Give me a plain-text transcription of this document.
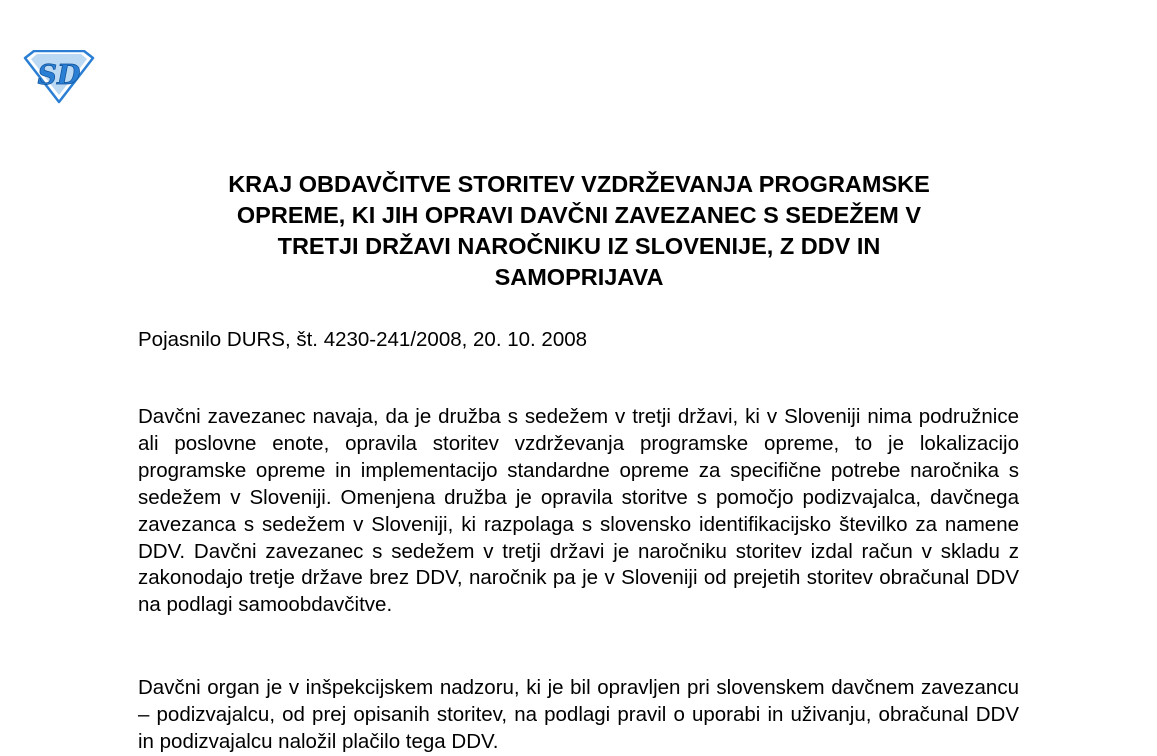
SD
KRAJ OBDAVČITVE STORITEV VZDRŽEVANJA PROGRAMSKE
OPREME, KI JIH OPRAVI DAVČNI ZAVEZANEC S SEDEŽEM V
TRETJI DRŽAVI NAROČNIKU IZ SLOVENIJE, Z DDV IN
SAMOPRIJAVA

Pojasnilo DURS, št. 4230-241/2008, 20. 10. 2008

Davčni zavezanec navaja, da je družba s sedežem v tretji državi, ki v Sloveniji nima podružnice ali poslovne enote, opravila storitev vzdrževanja programske opreme, to je lokalizacijo programske opreme in implementacijo standardne opreme za specifične potrebe naročnika s sedežem v Sloveniji. Omenjena družba je opravila storitve s pomočjo podizvajalca, davčnega zavezanca s sedežem v Sloveniji, ki razpolaga s slovensko identifikacijsko številko za namene DDV. Davčni zavezanec s sedežem v tretji državi je naročniku storitev izdal račun v skladu z zakonodajo tretje države brez DDV, naročnik pa je v Sloveniji od prejetih storitev obračunal DDV na podlagi samoobdavčitve.

Davčni organ je v inšpekcijskem nadzoru, ki je bil opravljen pri slovenskem davčnem zavezancu – podizvajalcu, od prej opisanih storitev, na podlagi pravil o uporabi in uživanju, obračunal DDV in podizvajalcu naložil plačilo tega DDV.
